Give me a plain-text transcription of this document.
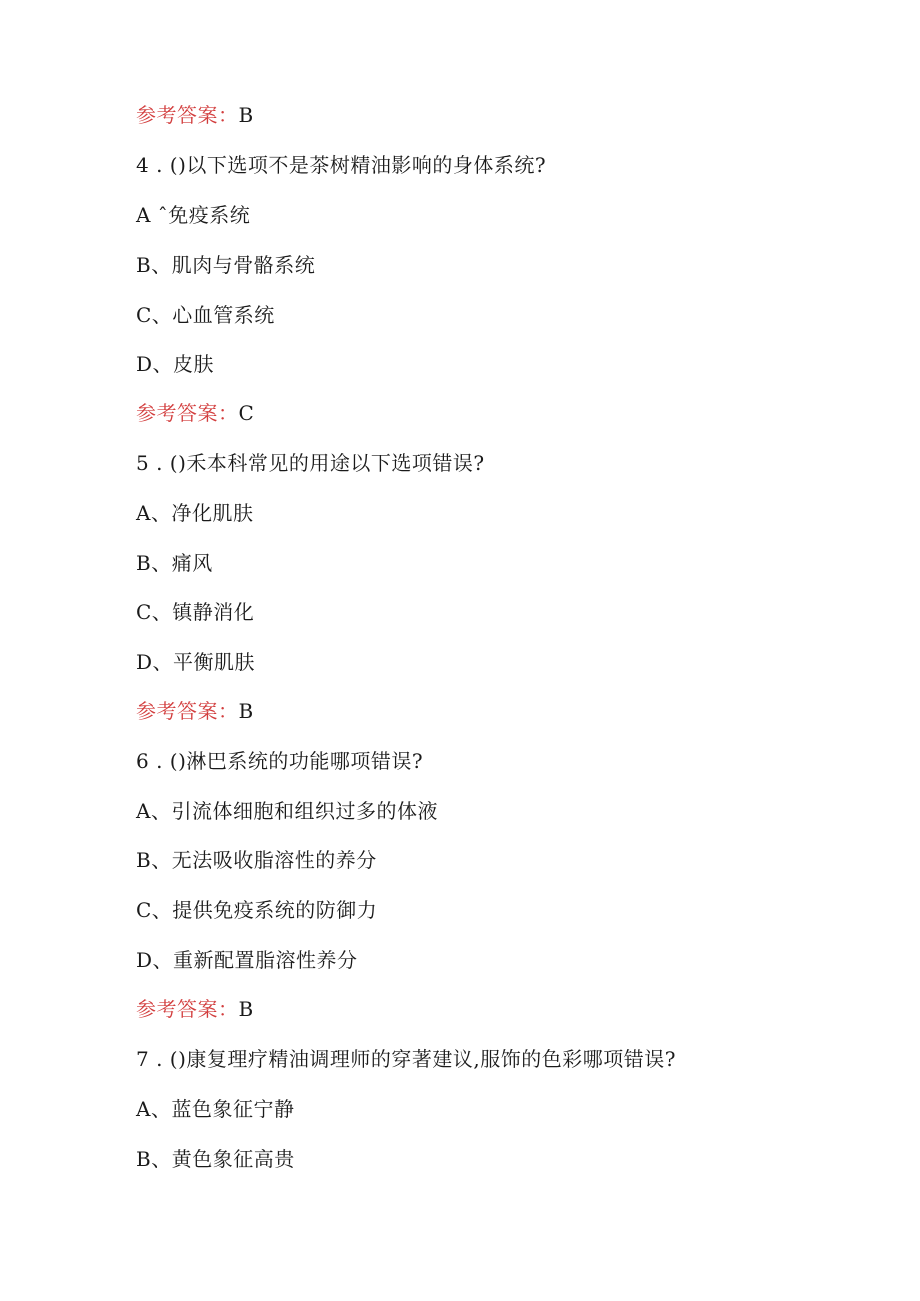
参考答案：B
4 . ()以下选项不是茶树精油影响的身体系统?
A ˆ免疫系统
B、肌肉与骨骼系统
C、心血管系统
D、皮肤
参考答案：C
5 . ()禾本科常见的用途以下选项错误?
A、净化肌肤
B、痛风
C、镇静消化
D、平衡肌肤
参考答案：B
6 . ()淋巴系统的功能哪项错误?
A、引流体细胞和组织过多的体液
B、无法吸收脂溶性的养分
C、提供免疫系统的防御力
D、重新配置脂溶性养分
参考答案：B
7 . ()康复理疗精油调理师的穿著建议,服饰的色彩哪项错误?
A、蓝色象征宁静
B、黄色象征高贵
